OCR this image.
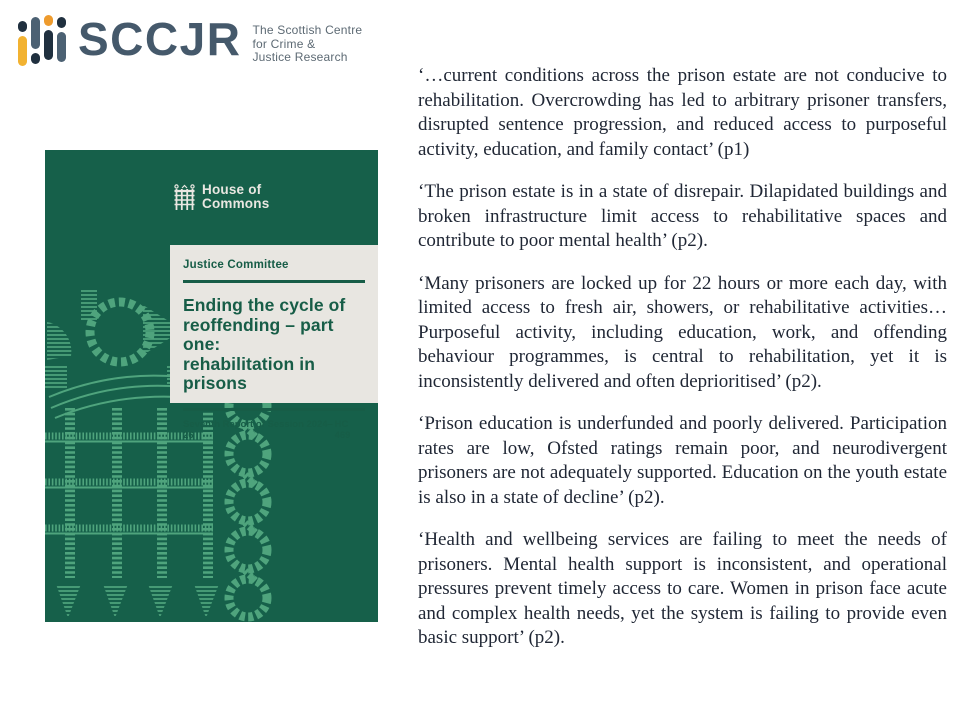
SCCJR The Scottish Centre
for Crime &
Justice Research
House of
Commons
Justice Committee
Ending the cycle of
reoffending – part one:
rehabilitation in prisons
Seventh Report of Session 2024–26
HC 469

‘…current conditions across the prison estate are not conducive to rehabilitation. Overcrowding has led to arbitrary prisoner transfers, disrupted sentence progression, and reduced access to purposeful activity, education, and family contact’ (p1)

‘The prison estate is in a state of disrepair. Dilapidated buildings and broken infrastructure limit access to rehabilitative spaces and contribute to poor mental health’ (p2).

‘Many prisoners are locked up for 22 hours or more each day, with limited access to fresh air, showers, or rehabilitative activities… Purposeful activity, including education, work, and offending behaviour programmes, is central to rehabilitation, yet it is inconsistently delivered and often deprioritised’ (p2).

‘Prison education is underfunded and poorly delivered. Participation rates are low, Ofsted ratings remain poor, and neurodivergent prisoners are not adequately supported. Education on the youth estate is also in a state of decline’ (p2).

‘Health and wellbeing services are failing to meet the needs of prisoners. Mental health support is inconsistent, and operational pressures prevent timely access to care. Women in prison face acute and complex health needs, yet the system is failing to provide even basic support’ (p2).
